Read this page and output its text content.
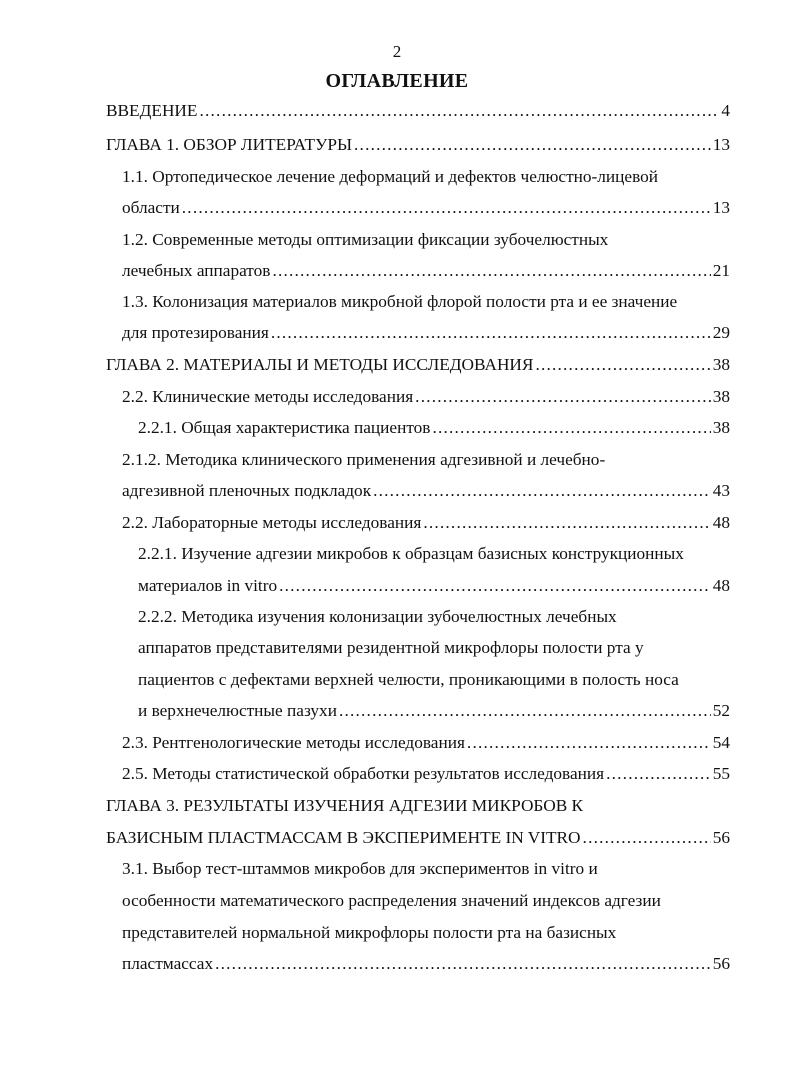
2
ОГЛАВЛЕНИЕ
ВВЕДЕНИЕ .....	4
ГЛАВА 1. ОБЗОР ЛИТЕРАТУРЫ .....	13
1.1. Ортопедическое лечение деформаций и дефектов челюстно-лицевой
области .....	13
1.2. Современные методы оптимизации фиксации зубочелюстных
лечебных аппаратов .....	21
1.3. Колонизация материалов микробной флорой полости рта и ее значение
для протезирования .....	29
ГЛАВА 2. МАТЕРИАЛЫ И МЕТОДЫ ИССЛЕДОВАНИЯ .....	38
2.2. Клинические методы исследования .....	38
2.2.1. Общая характеристика пациентов .....	38
2.1.2. Методика клинического применения адгезивной и лечебно-
адгезивной пленочных подкладок .....	43
2.2. Лабораторные методы исследования .....	48
2.2.1. Изучение адгезии микробов к образцам базисных конструкционных
материалов in vitro .....	48
2.2.2. Методика изучения колонизации зубочелюстных лечебных
аппаратов представителями резидентной микрофлоры полости рта у
пациентов с дефектами верхней челюсти, проникающими в полость носа
и верхнечелюстные пазухи .....	52
2.3. Рентгенологические методы исследования .....	54
2.5. Методы статистической обработки результатов исследования .....	55
ГЛАВА 3. РЕЗУЛЬТАТЫ ИЗУЧЕНИЯ АДГЕЗИИ МИКРОБОВ К
БАЗИСНЫМ ПЛАСТМАССАМ В ЭКСПЕРИМЕНТЕ IN VITRO .....	56
3.1. Выбор тест-штаммов микробов для экспериментов in vitro и
особенности математического распределения значений индексов адгезии
представителей нормальной микрофлоры полости рта на базисных
пластмассах .....	56
